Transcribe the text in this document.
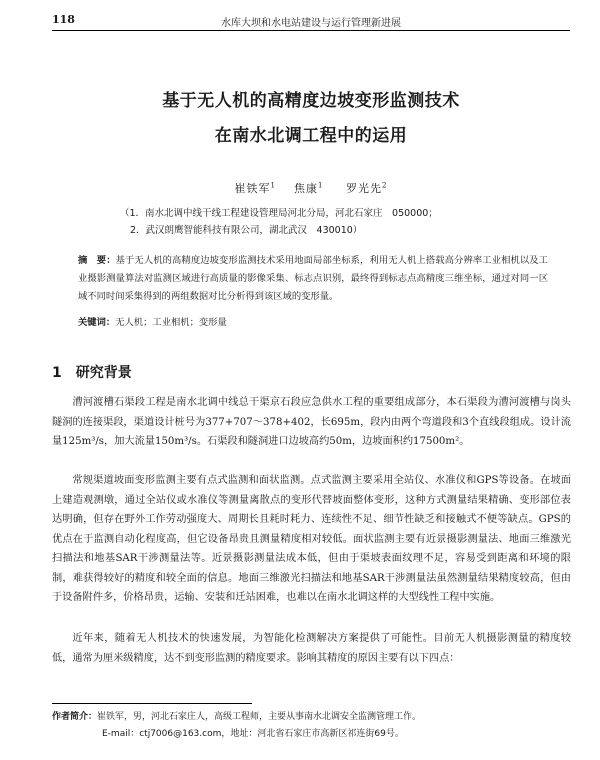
118	水库大坝和水电站建设与运行管理新进展
基于无人机的高精度边坡变形监测技术
在南水北调工程中的运用
崔铁军$^1$ 焦康$^1$ 罗光先$^2$
（1．南水北调中线干线工程建设管理局河北分局，河北石家庄　050000；
2．武汉朗鹰智能科技有限公司，湖北武汉　430010）
摘　要：基于无人机的高精度边坡变形监测技术采用地面局部坐标系，利用无人机上搭载高分辨率工业相机以及工业摄影测量算法对监测区域进行高质量的影像采集、标志点识别，最终得到标志点高精度三维坐标，通过对同一区域不同时间采集得到的两组数据对比分析得到该区域的变形量。
关键词：无人机；工业相机；变形量
1 研究背景

漕河渡槽石渠段工程是南水北调中线总干渠京石段应急供水工程的重要组成部分，本石渠段为漕河渡槽与岗头隧洞的连接渠段，渠道设计桩号为377+707～378+402，长695m，段内由两个弯道段和3个直线段组成。设计流量125m³/s，加大流量150m³/s。石渠段和隧洞进口边坡高约50m，边坡面积约17500m²。

常规渠道坡面变形监测主要有点式监测和面状监测。点式监测主要采用全站仪、水准仪和GPS等设备。在坡面上建造观测墩，通过全站仪或水准仪等测量离散点的变形代替坡面整体变形，这种方式测量结果精确、变形部位表达明确，但存在野外工作劳动强度大、周期长且耗时耗力、连续性不足、细节性缺乏和接触式不便等缺点。GPS的优点在于监测自动化程度高，但它设备昂贵且测量精度相对较低。面状监测主要有近景摄影测量法、地面三维激光扫描法和地基SAR干涉测量法等。近景摄影测量法成本低，但由于渠坡表面纹理不足，容易受到距离和环境的限制，难获得较好的精度和较全面的信息。地面三维激光扫描法和地基SAR干涉测量法虽然测量结果精度较高，但由于设备附件多，价格昂贵，运输、安装和迁站困难，也难以在南水北调这样的大型线性工程中实施。

近年来，随着无人机技术的快速发展，为智能化检测解决方案提供了可能性。目前无人机摄影测量的精度较低，通常为厘米级精度，达不到变形监测的精度要求。影响其精度的原因主要有以下四点：

作者简介：崔铁军，男，河北石家庄人，高级工程师，主要从事南水北调安全监测管理工作。
E-mail：ctj7006@163.com，地址：河北省石家庄市高新区祁连街69号。
